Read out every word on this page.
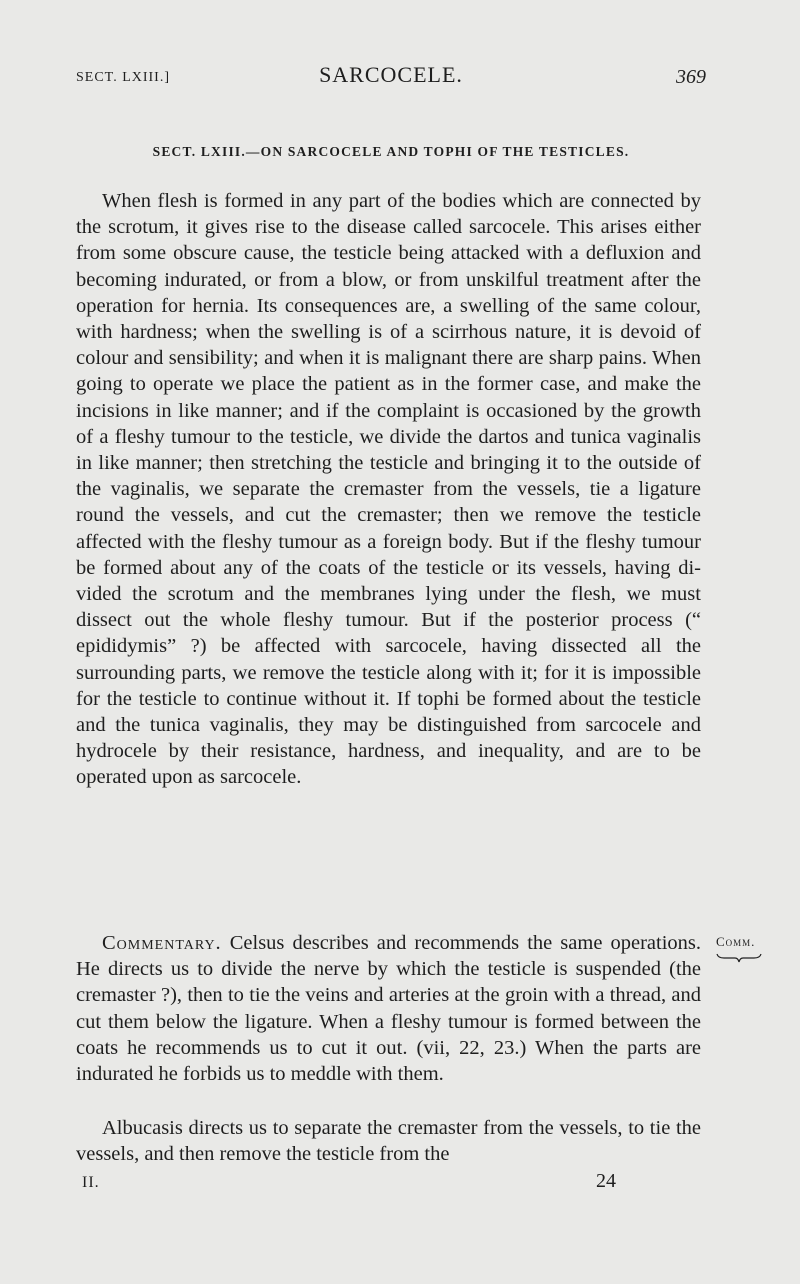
SECT. LXIII.]	SARCOCELE.	369
SECT. LXIII.—ON SARCOCELE AND TOPHI OF THE TESTICLES.

When flesh is formed in any part of the bodies which are connected by the scrotum, it gives rise to the disease called sarcocele. This arises either from some obscure cause, the testicle being attacked with a defluxion and becoming indurated, or from a blow, or from unskilful treatment after the operation for hernia. Its consequences are, a swelling of the same colour, with hardness; when the swelling is of a scirrhous nature, it is devoid of colour and sensibility; and when it is malignant there are sharp pains. When going to operate we place the patient as in the former case, and make the incisions in like manner; and if the complaint is occasioned by the growth of a fleshy tumour to the testicle, we divide the dartos and tunica vaginalis in like manner; then stretching the testicle and bringing it to the outside of the vaginalis, we separate the cremaster from the vessels, tie a ligature round the vessels, and cut the cremaster; then we remove the testicle affected with the fleshy tumour as a foreign body. But if the fleshy tumour be formed about any of the coats of the testicle or its vessels, having divided the scrotum and the membranes lying under the flesh, we must dissect out the whole fleshy tumour. But if the posterior process (“ epididymis” ?) be affected with sarcocele, having dissected all the surrounding parts, we remove the testicle along with it; for it is impossible for the testicle to continue without it. If tophi be formed about the testicle and the tunica vaginalis, they may be distinguished from sarcocele and hydrocele by their resistance, hardness, and inequality, and are to be operated upon as sarcocele.

Commentary. Celsus describes and recommends the same operations. He directs us to divide the nerve by which the testicle is suspended (the cremaster ?), then to tie the veins and arteries at the groin with a thread, and cut them below the ligature. When a fleshy tumour is formed between the coats he recommends us to cut it out. (vii, 22, 23.) When the parts are indurated he forbids us to meddle with them.

Comm.

Albucasis directs us to separate the cremaster from the vessels, to tie the vessels, and then remove the testicle from the

II.	24
